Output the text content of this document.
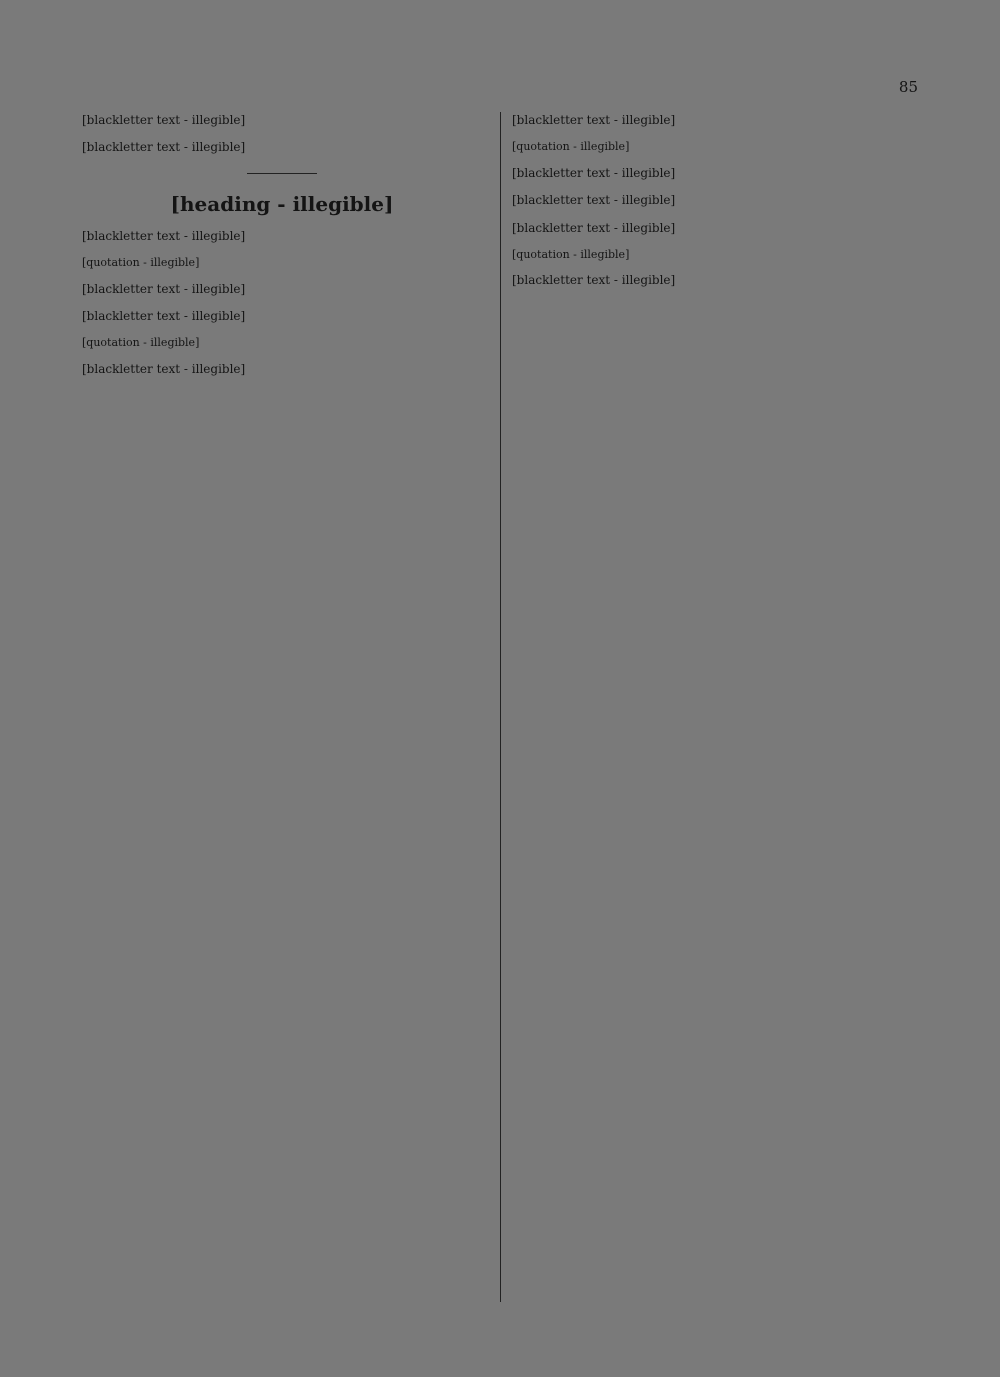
85

[blackletter text - illegible]

[blackletter text - illegible]

[heading - illegible]

[blackletter text - illegible]

[quotation - illegible]

[blackletter text - illegible]

[blackletter text - illegible]

[quotation - illegible]

[blackletter text - illegible]

[blackletter text - illegible]

[quotation - illegible]

[blackletter text - illegible]

[blackletter text - illegible]

[blackletter text - illegible]

[quotation - illegible]

[blackletter text - illegible]
